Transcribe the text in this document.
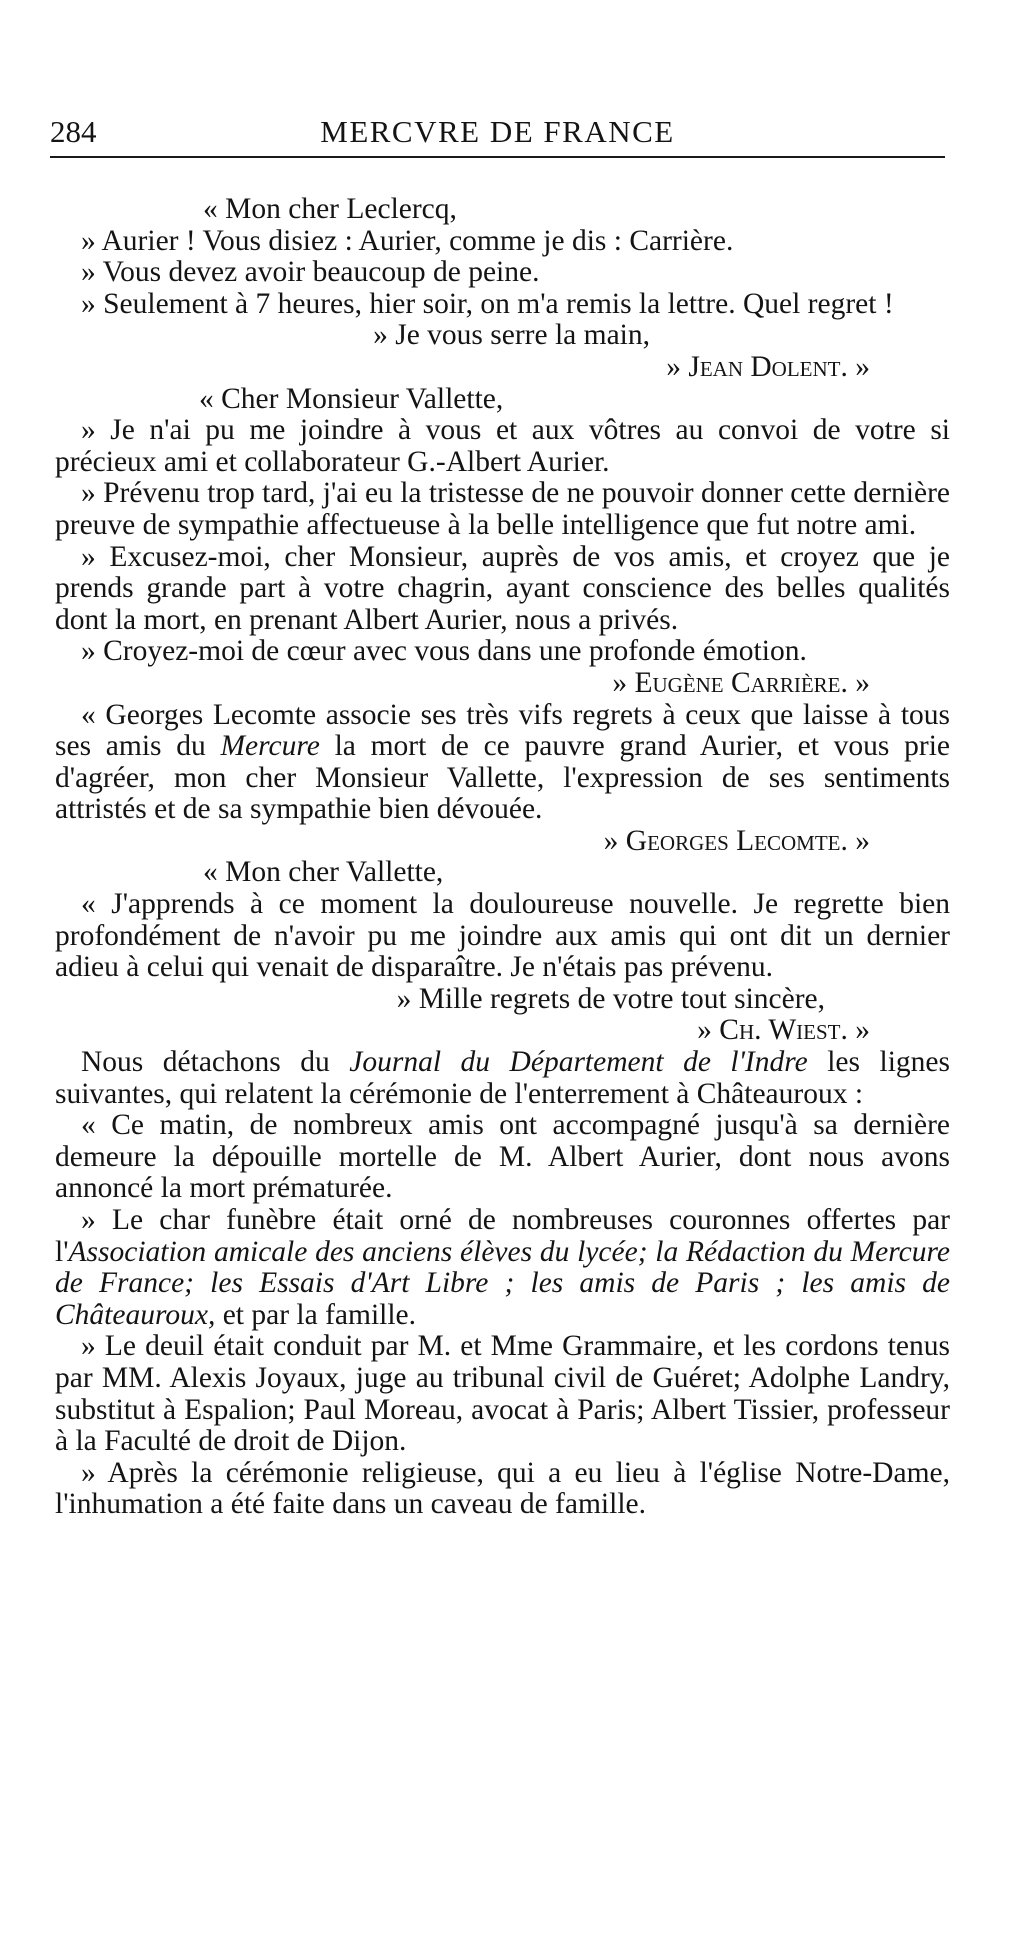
284	MERCVRE DE FRANCE

« Mon cher Leclercq,

» Aurier ! Vous disiez : Aurier, comme je dis : Carrière.

» Vous devez avoir beaucoup de peine.

» Seulement à 7 heures, hier soir, on m'a remis la lettre. Quel regret !

» Je vous serre la main,

» Jean Dolent. »

« Cher Monsieur Vallette,

» Je n'ai pu me joindre à vous et aux vôtres au convoi de votre si précieux ami et collaborateur G.-Albert Aurier.

» Prévenu trop tard, j'ai eu la tristesse de ne pouvoir donner cette dernière preuve de sympathie affectueuse à la belle intelligence que fut notre ami.

» Excusez-moi, cher Monsieur, auprès de vos amis, et croyez que je prends grande part à votre chagrin, ayant conscience des belles qualités dont la mort, en prenant Albert Aurier, nous a privés.

» Croyez-moi de cœur avec vous dans une profonde émotion.

» Eugène Carrière. »

« Georges Lecomte associe ses très vifs regrets à ceux que laisse à tous ses amis du Mercure la mort de ce pauvre grand Aurier, et vous prie d'agréer, mon cher Monsieur Vallette, l'expression de ses sentiments attristés et de sa sympathie bien dévouée.

» Georges Lecomte. »

« Mon cher Vallette,

« J'apprends à ce moment la douloureuse nouvelle. Je regrette bien profondément de n'avoir pu me joindre aux amis qui ont dit un dernier adieu à celui qui venait de disparaître. Je n'étais pas prévenu.

» Mille regrets de votre tout sincère,

» Ch. Wiest. »

Nous détachons du Journal du Département de l'Indre les lignes suivantes, qui relatent la cérémonie de l'enterrement à Châteauroux :

« Ce matin, de nombreux amis ont accompagné jusqu'à sa dernière demeure la dépouille mortelle de M. Albert Aurier, dont nous avons annoncé la mort prématurée.

» Le char funèbre était orné de nombreuses couronnes offertes par l'Association amicale des anciens élèves du lycée; la Rédaction du Mercure de France; les Essais d'Art Libre ; les amis de Paris ; les amis de Châteauroux, et par la famille.

» Le deuil était conduit par M. et Mme Grammaire, et les cordons tenus par MM. Alexis Joyaux, juge au tribunal civil de Guéret; Adolphe Landry, substitut à Espalion; Paul Moreau, avocat à Paris; Albert Tissier, professeur à la Faculté de droit de Dijon.

» Après la cérémonie religieuse, qui a eu lieu à l'église Notre-Dame, l'inhumation a été faite dans un caveau de famille.
